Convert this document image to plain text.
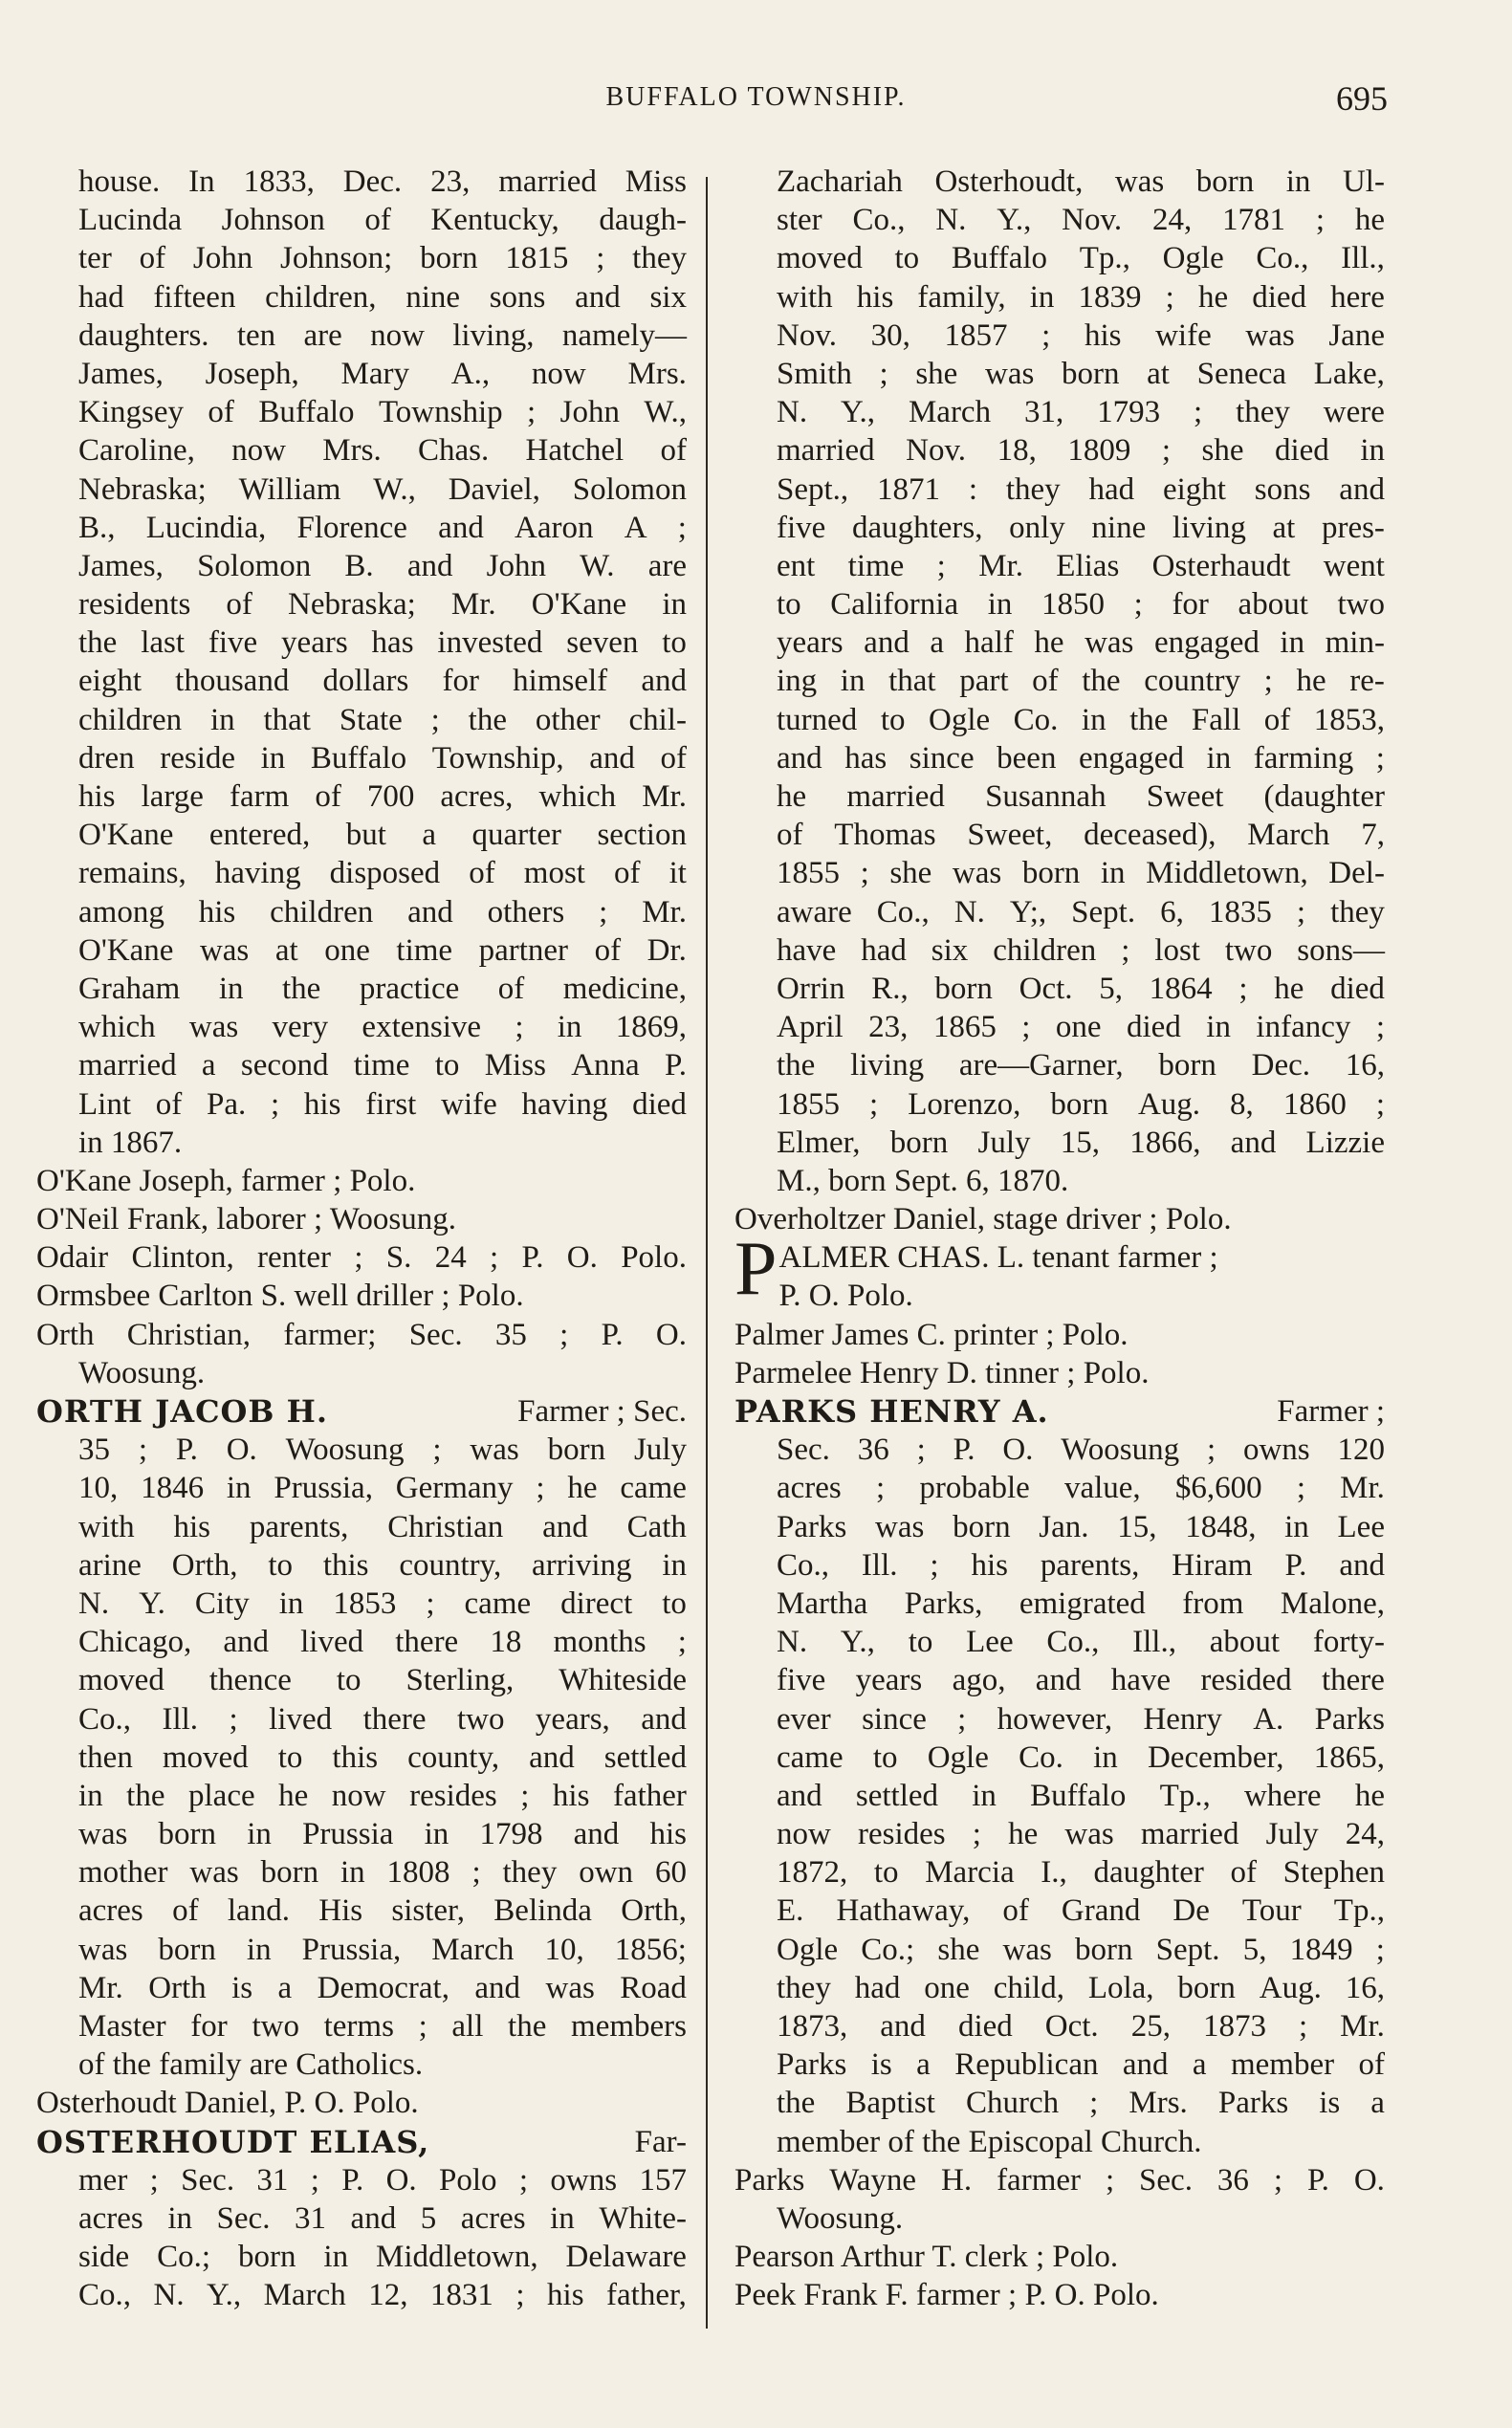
BUFFALO TOWNSHIP.	695
house. In 1833, Dec. 23, married Miss
Lucinda Johnson of Kentucky, daugh-
ter of John Johnson; born 1815 ; they
had fifteen children, nine sons and six
daughters. ten are now living, namely—
James, Joseph, Mary A., now Mrs.
Kingsey of Buffalo Township ; John W.,
Caroline, now Mrs. Chas. Hatchel of
Nebraska; William W., Daviel, Solomon
B., Lucindia, Florence and Aaron A ;
James, Solomon B. and John W. are
residents of Nebraska; Mr. O'Kane in
the last five years has invested seven to
eight thousand dollars for himself and
children in that State ; the other chil-
dren reside in Buffalo Township, and of
his large farm of 700 acres, which Mr.
O'Kane entered, but a quarter section
remains, having disposed of most of it
among his children and others ; Mr.
O'Kane was at one time partner of Dr.
Graham in the practice of medicine,
which was very extensive ; in 1869,
married a second time to Miss Anna P.
Lint of Pa. ; his first wife having died
in 1867.
O'Kane Joseph, farmer ; Polo.
O'Neil Frank, laborer ; Woosung.
Odair Clinton, renter ; S. 24 ; P. O. Polo.
Ormsbee Carlton S. well driller ; Polo.
Orth Christian, farmer; Sec. 35 ; P. O.
Woosung.
ORTH JACOB H.	Farmer ; Sec.
35 ; P. O. Woosung ; was born July
10, 1846 in Prussia, Germany ; he came
with his parents, Christian and Cath
arine Orth, to this country, arriving in
N. Y. City in 1853 ; came direct to
Chicago, and lived there 18 months ;
moved thence to Sterling, Whiteside
Co., Ill. ; lived there two years, and
then moved to this county, and settled
in the place he now resides ; his father
was born in Prussia in 1798 and his
mother was born in 1808 ; they own 60
acres of land. His sister, Belinda Orth,
was born in Prussia, March 10, 1856;
Mr. Orth is a Democrat, and was Road
Master for two terms ; all the members
of the family are Catholics.
Osterhoudt Daniel, P. O. Polo.
OSTERHOUDT ELIAS,	Far-
mer ; Sec. 31 ; P. O. Polo ; owns 157
acres in Sec. 31 and 5 acres in White-
side Co.; born in Middletown, Delaware
Co., N. Y., March 12, 1831 ; his father,
Zachariah Osterhoudt, was born in Ul-
ster Co., N. Y., Nov. 24, 1781 ; he
moved to Buffalo Tp., Ogle Co., Ill.,
with his family, in 1839 ; he died here
Nov. 30, 1857 ; his wife was Jane
Smith ; she was born at Seneca Lake,
N. Y., March 31, 1793 ; they were
married Nov. 18, 1809 ; she died in
Sept., 1871 : they had eight sons and
five daughters, only nine living at pres-
ent time ; Mr. Elias Osterhaudt went
to California in 1850 ; for about two
years and a half he was engaged in min-
ing in that part of the country ; he re-
turned to Ogle Co. in the Fall of 1853,
and has since been engaged in farming ;
he married Susannah Sweet (daughter
of Thomas Sweet, deceased), March 7,
1855 ; she was born in Middletown, Del-
aware Co., N. Y;, Sept. 6, 1835 ; they
have had six children ; lost two sons—
Orrin R., born Oct. 5, 1864 ; he died
April 23, 1865 ; one died in infancy ;
the living are—Garner, born Dec. 16,
1855 ; Lorenzo, born Aug. 8, 1860 ;
Elmer, born July 15, 1866, and Lizzie
M., born Sept. 6, 1870.
Overholtzer Daniel, stage driver ; Polo.
P ALMER CHAS. L. tenant farmer ;
P. O. Polo.
Palmer James C. printer ; Polo.
Parmelee Henry D. tinner ; Polo.
PARKS HENRY A.	Farmer ;
Sec. 36 ; P. O. Woosung ; owns 120
acres ; probable value, $6,600 ; Mr.
Parks was born Jan. 15, 1848, in Lee
Co., Ill. ; his parents, Hiram P. and
Martha Parks, emigrated from Malone,
N. Y., to Lee Co., Ill., about forty-
five years ago, and have resided there
ever since ; however, Henry A. Parks
came to Ogle Co. in December, 1865,
and settled in Buffalo Tp., where he
now resides ; he was married July 24,
1872, to Marcia I., daughter of Stephen
E. Hathaway, of Grand De Tour Tp.,
Ogle Co.; she was born Sept. 5, 1849 ;
they had one child, Lola, born Aug. 16,
1873, and died Oct. 25, 1873 ; Mr.
Parks is a Republican and a member of
the Baptist Church ; Mrs. Parks is a
member of the Episcopal Church.
Parks Wayne H. farmer ; Sec. 36 ; P. O.
Woosung.
Pearson Arthur T. clerk ; Polo.
Peek Frank F. farmer ; P. O. Polo.
